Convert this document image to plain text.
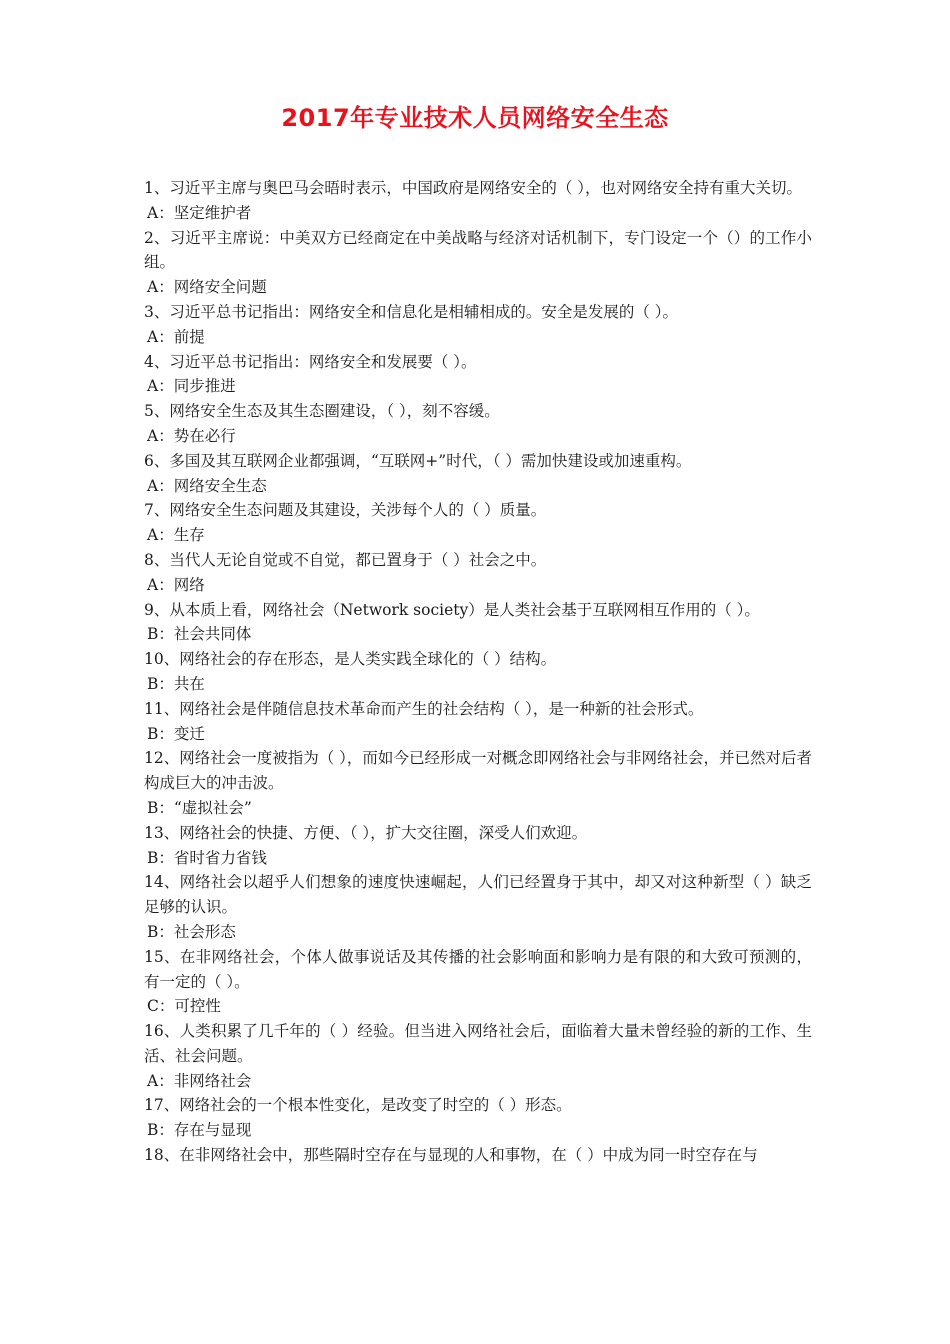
2017年专业技术人员网络安全生态

1、习近平主席与奥巴马会晤时表示，中国政府是网络安全的（ ），也对网络安全持有重大关切。

A：坚定维护者

2、习近平主席说：中美双方已经商定在中美战略与经济对话机制下，专门设定一个（）的工作小组。

A：网络安全问题

3、习近平总书记指出：网络安全和信息化是相辅相成的。安全是发展的（ ）。

A：前提

4、习近平总书记指出：网络安全和发展要（ ）。

A：同步推进

5、网络安全生态及其生态圈建设，（ ），刻不容缓。

A：势在必行

6、多国及其互联网企业都强调，“互联网+”时代，（ ）需加快建设或加速重构。

A：网络安全生态

7、网络安全生态问题及其建设，关涉每个人的（ ）质量。

A：生存

8、当代人无论自觉或不自觉，都已置身于（ ）社会之中。

A：网络

9、从本质上看，网络社会（Network society）是人类社会基于互联网相互作用的（ ）。

B：社会共同体

10、网络社会的存在形态，是人类实践全球化的（ ）结构。

B：共在

11、网络社会是伴随信息技术革命而产生的社会结构（ ），是一种新的社会形式。

B：变迁

12、网络社会一度被指为（ ），而如今已经形成一对概念即网络社会与非网络社会，并已然对后者构成巨大的冲击波。

B：“虚拟社会”

13、网络社会的快捷、方便、（ ），扩大交往圈，深受人们欢迎。

B：省时省力省钱

14、网络社会以超乎人们想象的速度快速崛起，人们已经置身于其中，却又对这种新型（ ）缺乏足够的认识。

B：社会形态

15、在非网络社会，个体人做事说话及其传播的社会影响面和影响力是有限的和大致可预测的，有一定的（ ）。

C：可控性

16、人类积累了几千年的（ ）经验。但当进入网络社会后，面临着大量未曾经验的新的工作、生活、社会问题。

A：非网络社会

17、网络社会的一个根本性变化，是改变了时空的（ ）形态。

B：存在与显现

18、在非网络社会中，那些隔时空存在与显现的人和事物，在（ ）中成为同一时空存在与
